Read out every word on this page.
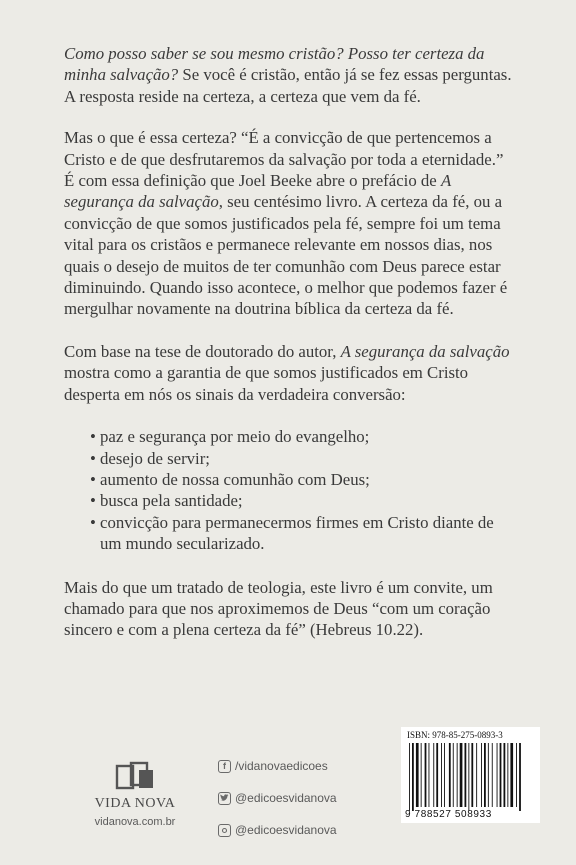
Como posso saber se sou mesmo cristão? Posso ter certeza da minha salvação? Se você é cristão, então já se fez essas perguntas. A resposta reside na certeza, a certeza que vem da fé.

Mas o que é essa certeza? “É a convicção de que pertencemos a Cristo e de que desfrutaremos da salvação por toda a eternidade.” É com essa definição que Joel Beeke abre o prefácio de A segurança da salvação, seu centésimo livro. A certeza da fé, ou a convicção de que somos justificados pela fé, sempre foi um tema vital para os cristãos e permanece relevante em nossos dias, nos quais o desejo de muitos de ter comunhão com Deus parece estar diminuindo. Quando isso acontece, o melhor que podemos fazer é mergulhar novamente na doutrina bíblica da certeza da fé.

Com base na tese de doutorado do autor, A segurança da salvação mostra como a garantia de que somos justificados em Cristo desperta em nós os sinais da verdadeira conversão:

• paz e segurança por meio do evangelho;
• desejo de servir;
• aumento de nossa comunhão com Deus;
• busca pela santidade;
• convicção para permanecermos firmes em Cristo diante de um mundo secularizado.

Mais do que um tratado de teologia, este livro é um convite, um chamado para que nos aproximemos de Deus “com um coração sincero e com a plena certeza da fé” (Hebreus 10.22).

VIDA NOVA
vidanova.com.br
f /vidanovaedicoes
@edicoesvidanova
@edicoesvidanova
ISBN: 978-85-275-0893-3
9 788527 508933
